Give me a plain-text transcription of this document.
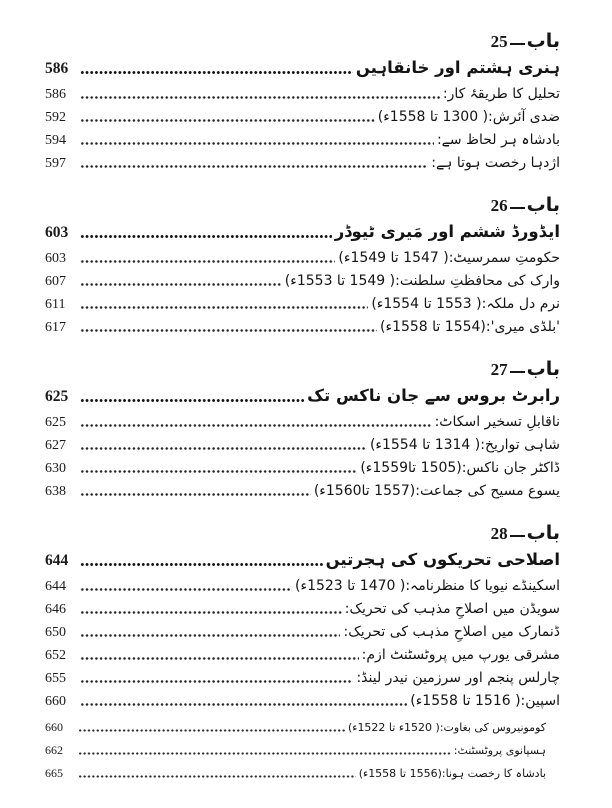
25 باب
586	ہنری ہشتم اور خانقاہیں
586	تحلیل کا طریقۂ کار:
592	ضدی آئرش:( 1300 تا 1558ء)
594	بادشاہ ہر لحاظ سے:
597	اژدہا رخصت ہوتا ہے:
26 باب
603	ایڈورڈ ششم اور مَیری ٹیوڈر
603	حکومتِ سمرسیٹ:( 1547 تا 1549ء)
607	وارک کی محافظتِ سلطنت:( 1549 تا 1553ء)
611	نرم دل ملکہ:( 1553 تا 1554ء)
617	'بلڈی میری':(1554 تا 1558ء)
27 باب
625	رابرٹ بروس سے جان ناکس تک
625	ناقابلِ تسخیر اسکاٹ:
627	شاہی تواریخ:( 1314 تا 1554ء)
630	ڈاکٹر جان ناکس:(1505 تا1559ء)
638	یسوع مسیح کی جماعت:(1557 تا1560ء)
28 باب
644	اصلاحی تحریکوں کی ہجرتیں
644	اسکینڈے نیویا کا منظرنامہ:( 1470 تا 1523ء)
646	سویڈن میں اصلاحِ مذہب کی تحریک:
650	ڈنمارک میں اصلاحِ مذہب کی تحریک:
652	مشرقی یورپ میں پروٹسٹنٹ ازم:
655	چارلس پنجم اور سرزمین نیدر لینڈ:
660	اسپین:( 1516 تا 1558ء)
660	کومونیروس کی بغاوت:( 1520ء تا 1522ء)
662	ہسپانوی پروٹسٹنٹ:
665	بادشاہ کا رخصت ہونا:(1556 تا 1558ء)
